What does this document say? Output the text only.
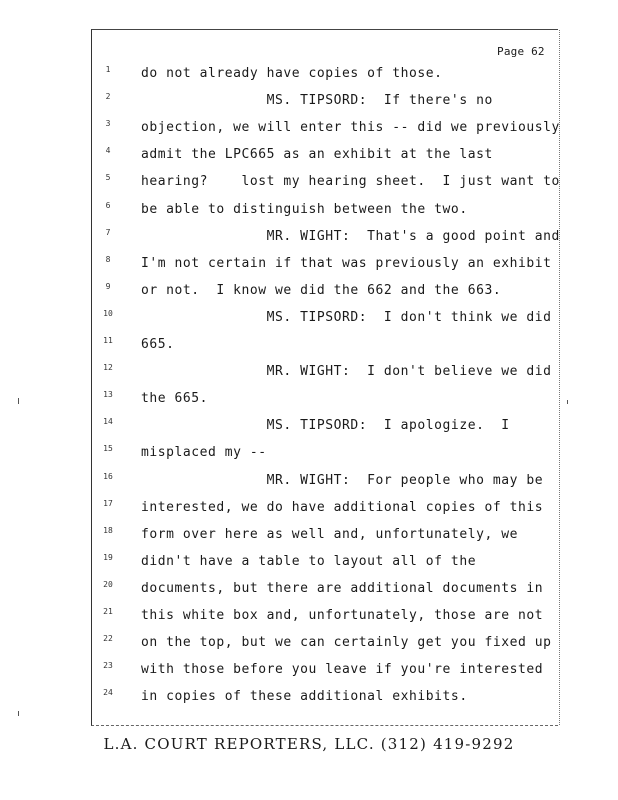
Page 62
1	do not already have copies of those.
2	MS. TIPSORD:  If there's no
3	objection, we will enter this -- did we previously
4	admit the LPC665 as an exhibit at the last
5	hearing?    lost my hearing sheet.  I just want to
6	be able to distinguish between the two.
7	MR. WIGHT:  That's a good point and
8	I'm not certain if that was previously an exhibit
9	or not.  I know we did the 662 and the 663.
10	MS. TIPSORD:  I don't think we did
11	665.
12	MR. WIGHT:  I don't believe we did
13	the 665.
14	MS. TIPSORD:  I apologize.  I
15	misplaced my --
16	MR. WIGHT:  For people who may be
17	interested, we do have additional copies of this
18	form over here as well and, unfortunately, we
19	didn't have a table to layout all of the
20	documents, but there are additional documents in
21	this white box and, unfortunately, those are not
22	on the top, but we can certainly get you fixed up
23	with those before you leave if you're interested
24	in copies of these additional exhibits.
L.A. COURT REPORTERS, LLC. (312) 419-9292
